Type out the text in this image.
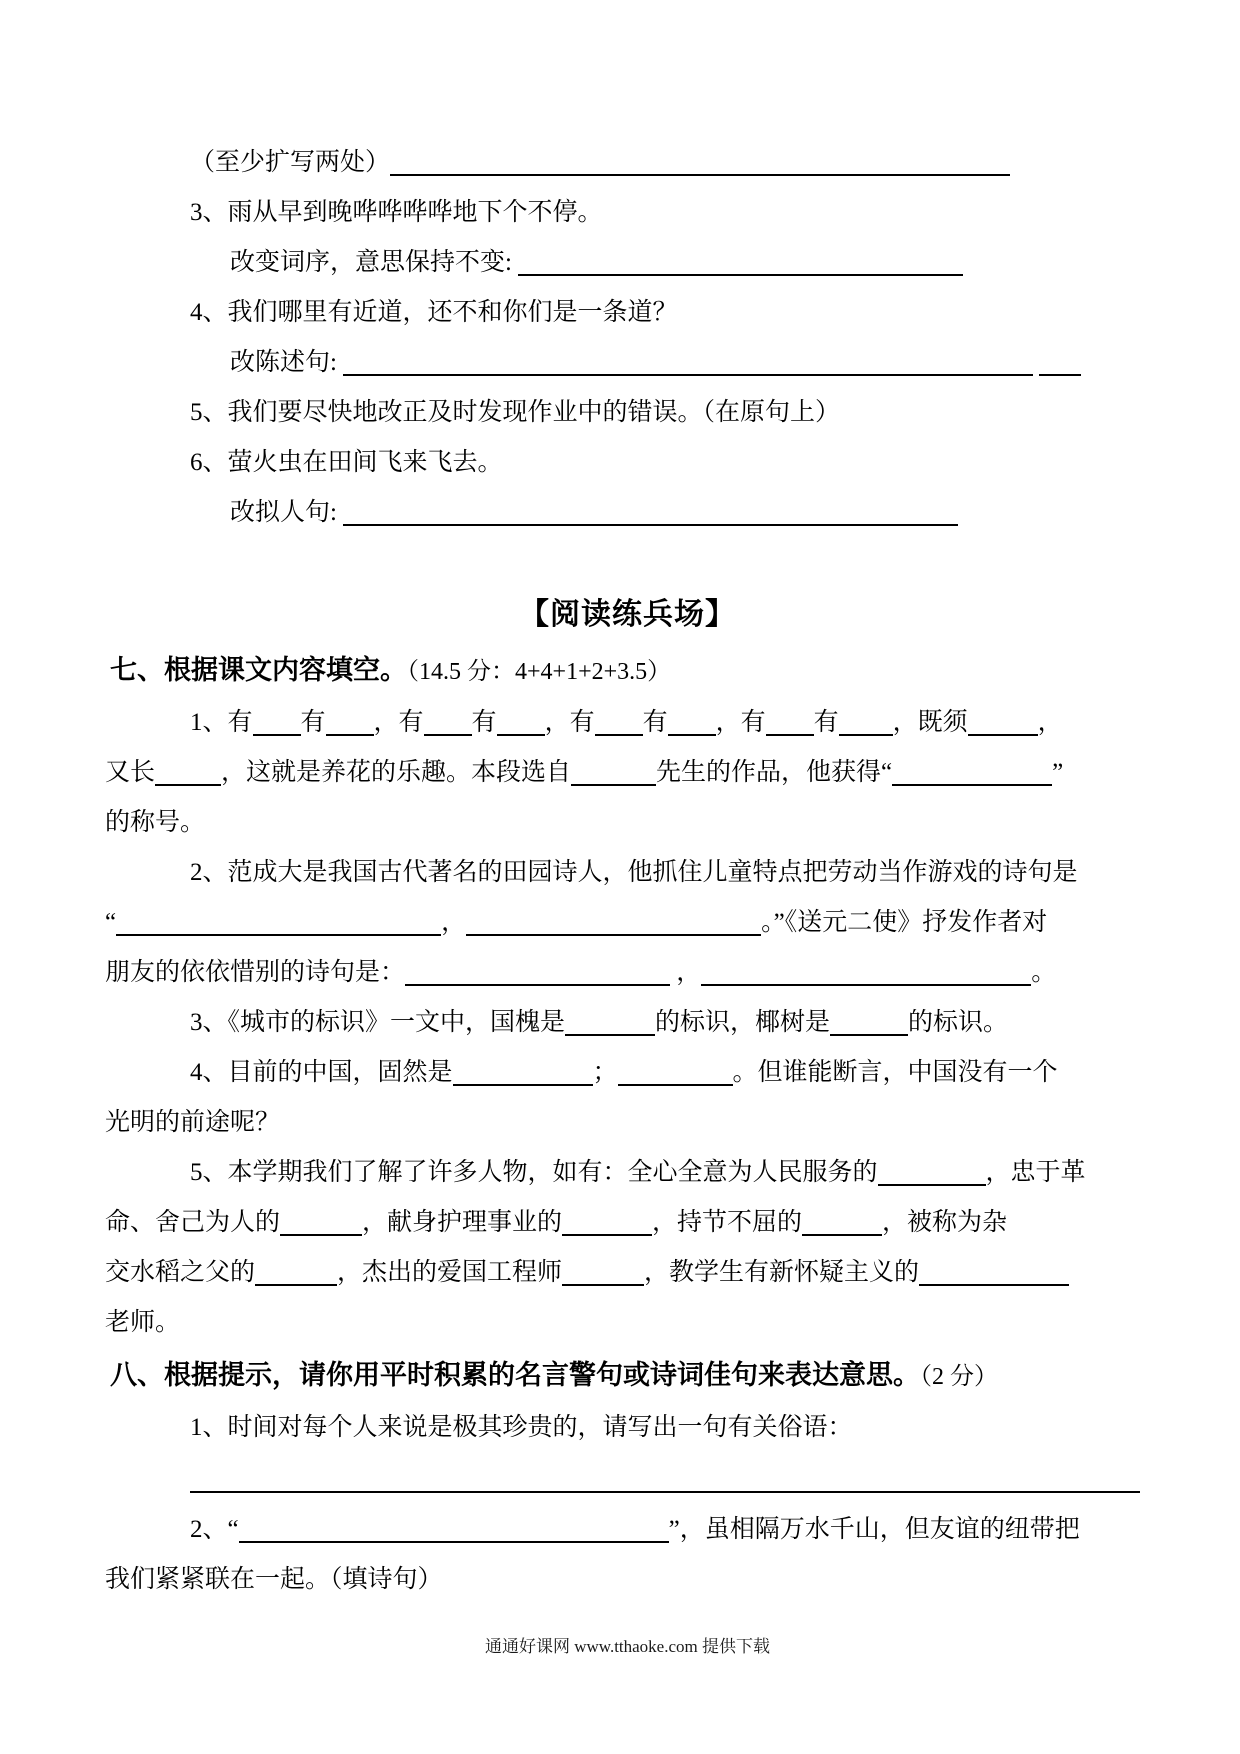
（至少扩写两处）
3、雨从早到晚哗哗哗哗地下个不停。
改变词序，意思保持不变:
4、我们哪里有近道，还不和你们是一条道？
改陈述句:
5、我们要尽快地改正及时发现作业中的错误。（在原句上）
6、萤火虫在田间飞来飞去。
改拟人句:
【阅读练兵场】
七、根据课文内容填空。（14.5 分：4+4+1+2+3.5）
1、有 有 ，有 有 ，有 有 ，有 有 ，既须	，
又长	，这就是养花的乐趣。本段选自	先生的作品，他获得“	”
的称号。
2、范成大是我国古代著名的田园诗人，他抓住儿童特点把劳动当作游戏的诗句是
“	，	。”《送元二使》抒发作者对
朋友的依依惜别的诗句是：	，	。
3、《城市的标识》一文中，国槐是	的标识，椰树是	的标识。
4、目前的中国，固然是	；	。但谁能断言，中国没有一个
光明的前途呢？
5、本学期我们了解了许多人物，如有：全心全意为人民服务的	，忠于革
命、舍己为人的	，献身护理事业的	，持节不屈的	，被称为杂
交水稻之父的	，杰出的爱国工程师	，教学生有新怀疑主义的
老师。
八、根据提示，请你用平时积累的名言警句或诗词佳句来表达意思。（2 分）
1、时间对每个人来说是极其珍贵的，请写出一句有关俗语：
2、“	”，虽相隔万水千山，但友谊的纽带把
我们紧紧联在一起。（填诗句）
通通好课网 www.tthaoke.com 提供下载
